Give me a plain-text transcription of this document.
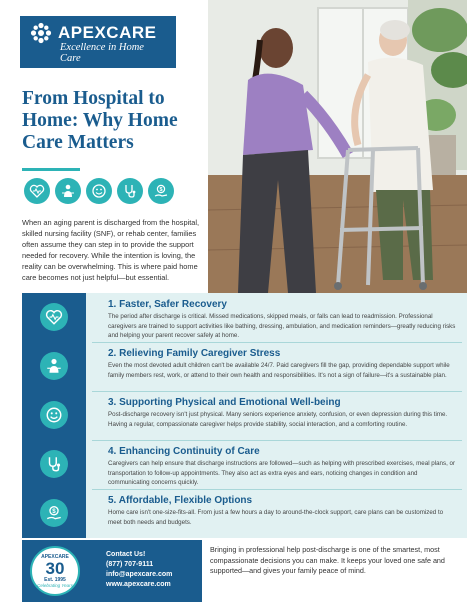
APEXCARE
Excellence in Home Care
From Hospital to Home: Why Home Care Matters
$

When an aging parent is discharged from the hospital, skilled nursing facility (SNF), or rehab center, families often assume they can step in to provide the support needed for recovery. While the intention is loving, the reality can be overwhelming. This is where paid home care becomes not just helpful—but essential.

1. Faster, Safer Recovery
The period after discharge is critical. Missed medications, skipped meals, or falls can lead to readmission. Professional caregivers are trained to support activities like bathing, dressing, ambulation, and medication reminders—greatly reducing risks and helping your parent recover safely at home.
2. Relieving Family Caregiver Stress
Even the most devoted adult children can't be available 24/7. Paid caregivers fill the gap, providing dependable support while family members rest, work, or attend to their own health and responsibilities. It's not a sign of failure—it's a sustainable plan.
3. Supporting Physical and Emotional Well-being
Post-discharge recovery isn't just physical. Many seniors experience anxiety, confusion, or even depression during this time. Having a regular, compassionate caregiver helps provide stability, social interaction, and a comforting routine.
4. Enhancing Continuity of Care
Caregivers can help ensure that discharge instructions are followed—such as helping with prescribed exercises, meal plans, or transportation to follow-up appointments. They also act as extra eyes and ears, noticing changes in condition and communicating concerns quickly.
$
5. Affordable, Flexible Options
Home care isn't one-size-fits-all. From just a few hours a day to around-the-clock support, care plans can be customized to meet both needs and budgets.
APEXCARE
30
Est. 1995
Celebrating Years
Contact Us!
(877) 707-9111
info@apexcare.com
www.apexcare.com

Bringing in professional help post-discharge is one of the smartest, most compassionate decisions you can make. It keeps your loved one safe and supported—and gives your family peace of mind.
